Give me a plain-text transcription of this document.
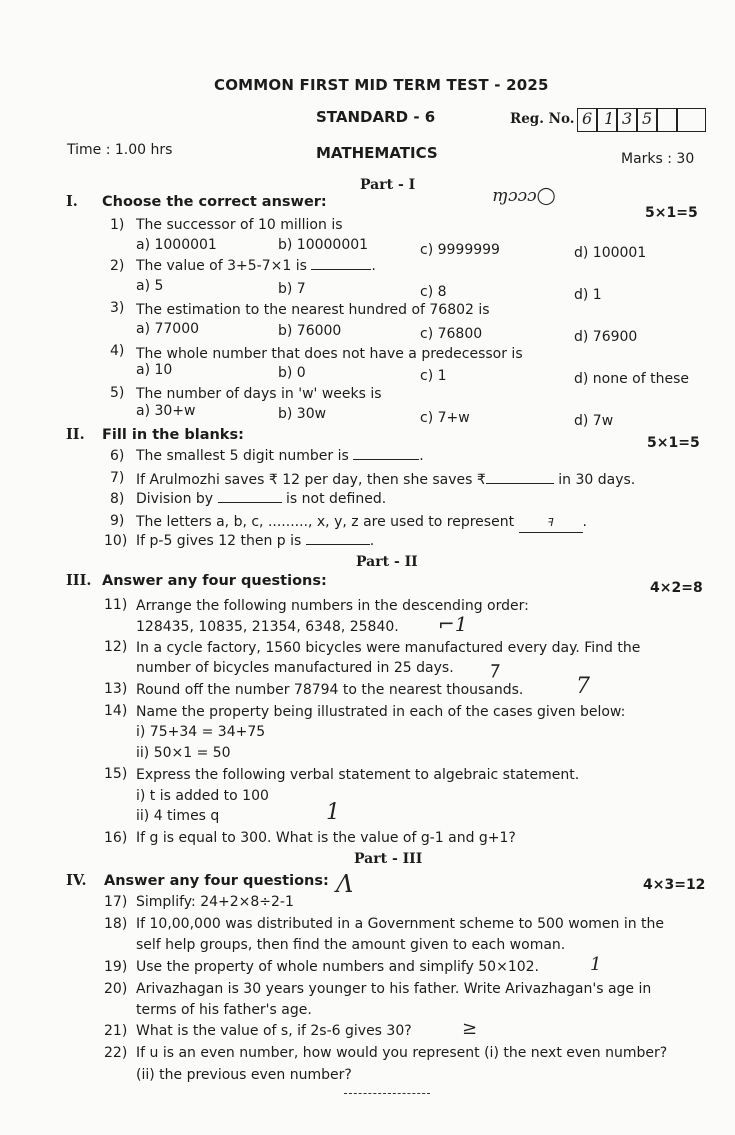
COMMON FIRST MID TERM TEST - 2025
STANDARD - 6	Reg. No. 6 1 3 5
Time : 1.00 hrs	MATHEMATICS	Marks : 30
Part - I
I. Choose the correct answer:	ɱɔɔɔ◯
5×1=5
1) The successor of 10 million is
a) 1000001	b) 10000001	c) 9999999	d) 100001
2) The value of 3+5-7×1 is	.
a) 5	b) 7	c) 8	d) 1
3) The estimation to the nearest hundred of 76802 is
a) 77000	b) 76000	c) 76800	d) 76900
4) The whole number that does not have a predecessor is
a) 10	b) 0	c) 1	d) none of these
5) The number of days in 'w' weeks is
a) 30+w	b) 30w	c) 7+w	d) 7w
II. Fill in the blanks:	5×1=5
6) The smallest 5 digit number is	.
7) If Arulmozhi saves ₹ 12 per day, then she saves ₹	in 30 days.
8) Division by	is not defined.
9) The letters a, b, c, ........., x, y, z are used to represent	ꟻ .
10) If p-5 gives 12 then p is	.
Part - II
III. Answer any four questions:	4×2=8
11) Arrange the following numbers in the descending order:
128435, 10835, 21354, 6348, 25840. ⌐1
12) In a cycle factory, 1560 bicycles were manufactured every day. Find the
number of bicycles manufactured in 25 days. ⁊
13) Round off the number 78794 to the nearest thousands. 7
14) Name the property being illustrated in each of the cases given below:
i) 75+34 = 34+75
ii) 50×1 = 50
15) Express the following verbal statement to algebraic statement.
i) t is added to 100
ii) 4 times q	1
16) If g is equal to 300. What is the value of g-1 and g+1?
Part - III
IV. Answer any four questions: Λ	4×3=12
17) Simplify: 24+2×8÷2-1
18) If 10,00,000 was distributed in a Government scheme to 500 women in the
self help groups, then find the amount given to each woman.
19) Use the property of whole numbers and simplify 50×102.	1
20) Arivazhagan is 30 years younger to his father. Write Arivazhagan's age in
terms of his father's age.
21) What is the value of s, if 2s-6 gives 30?	≥
22) If u is an even number, how would you represent (i) the next even number?
(ii) the previous even number?
